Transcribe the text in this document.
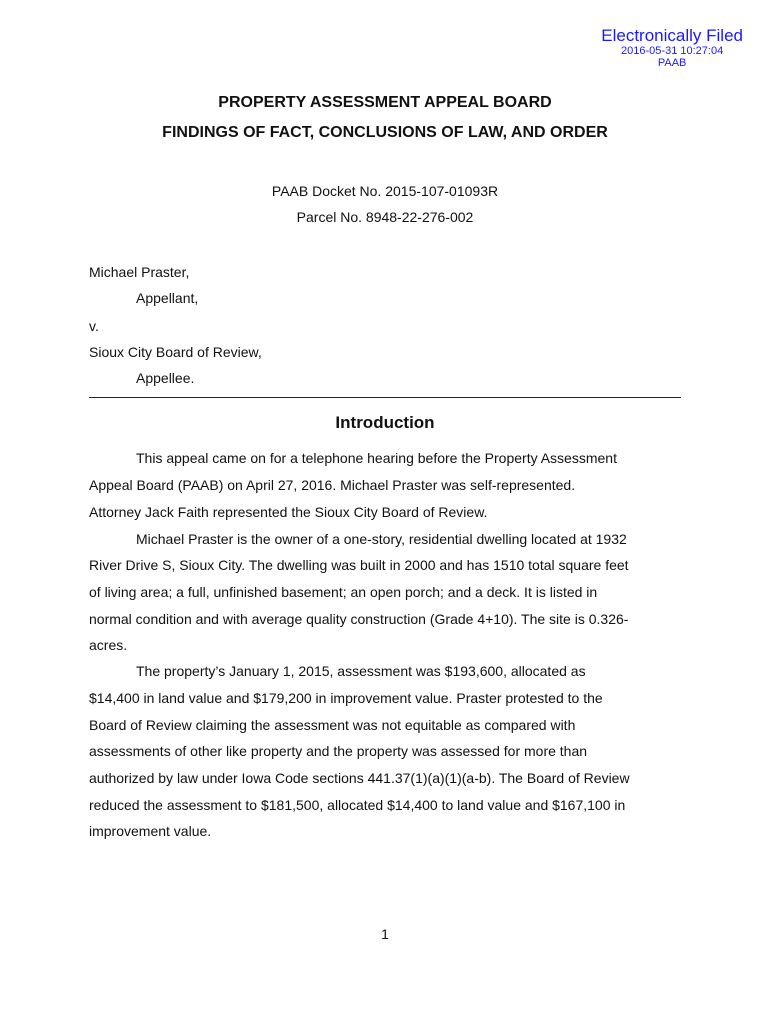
Electronically Filed
2016-05-31 10:27:04
PAAB
PROPERTY ASSESSMENT APPEAL BOARD
FINDINGS OF FACT, CONCLUSIONS OF LAW, AND ORDER
PAAB Docket No. 2015-107-01093R
Parcel No. 8948-22-276-002
Michael Praster,
Appellant,
v.
Sioux City Board of Review,
Appellee.
Introduction
This appeal came on for a telephone hearing before the Property Assessment
Appeal Board (PAAB) on April 27, 2016. Michael Praster was self-represented.
Attorney Jack Faith represented the Sioux City Board of Review.
Michael Praster is the owner of a one-story, residential dwelling located at 1932
River Drive S, Sioux City. The dwelling was built in 2000 and has 1510 total square feet
of living area; a full, unfinished basement; an open porch; and a deck. It is listed in
normal condition and with average quality construction (Grade 4+10). The site is 0.326-
acres.
The property’s January 1, 2015, assessment was $193,600, allocated as
$14,400 in land value and $179,200 in improvement value. Praster protested to the
Board of Review claiming the assessment was not equitable as compared with
assessments of other like property and the property was assessed for more than
authorized by law under Iowa Code sections 441.37(1)(a)(1)(a-b). The Board of Review
reduced the assessment to $181,500, allocated $14,400 to land value and $167,100 in
improvement value.
1
